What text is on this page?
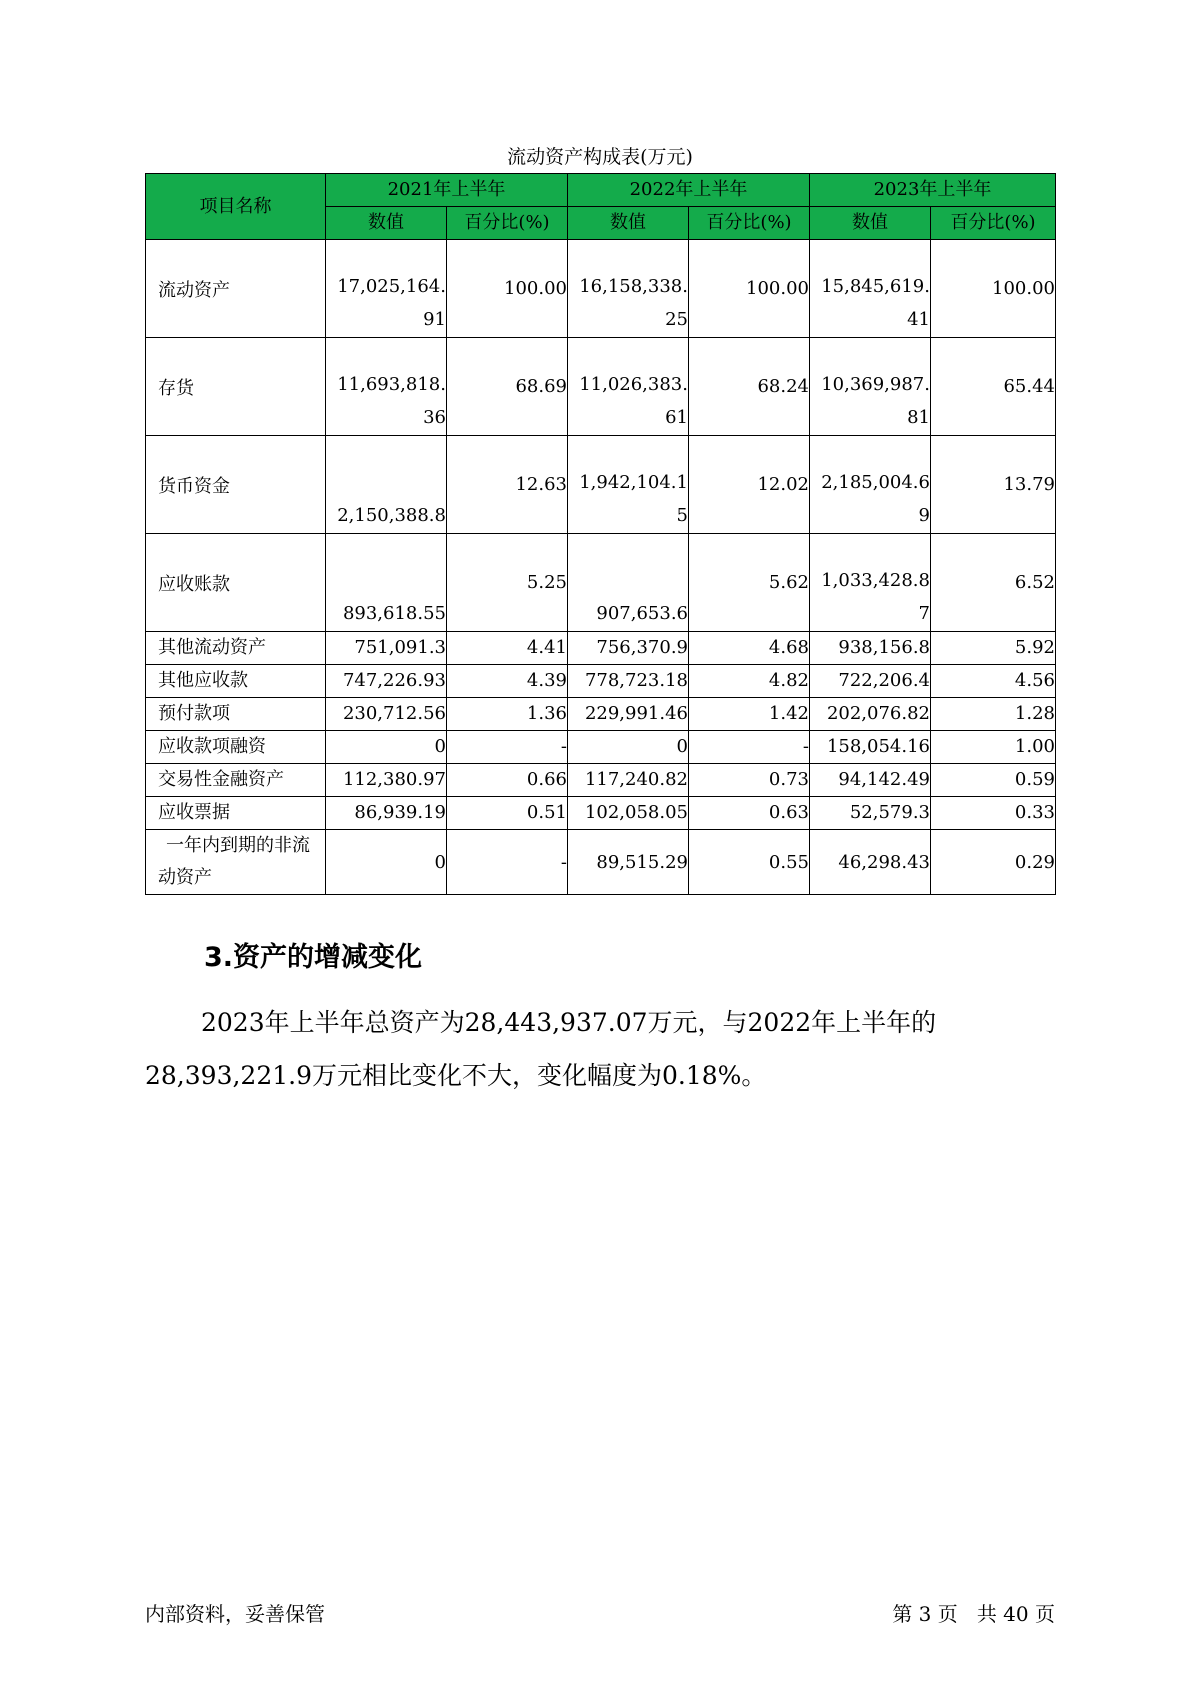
流动资产构成表(万元)
项目名称	2021年上半年		2022年上半年		2023年上半年	
	数值	百分比(%)	数值	百分比(%)	数值	百分比(%)
流动资产	17,025,164.91	100.00	16,158,338.25	100.00	15,845,619.41	100.00
存货	11,693,818.36	68.69	11,026,383.61	68.24	10,369,987.81	65.44
货币资金	2,150,388.8	12.63	1,942,104.15	12.02	2,185,004.69	13.79
应收账款	893,618.55	5.25	907,653.6	5.62	1,033,428.87	6.52
其他流动资产	751,091.3	4.41	756,370.9	4.68	938,156.8	5.92
其他应收款	747,226.93	4.39	778,723.18	4.82	722,206.4	4.56
预付款项	230,712.56	1.36	229,991.46	1.42	202,076.82	1.28
应收款项融资	0	-	0	-	158,054.16	1.00
交易性金融资产	112,380.97	0.66	117,240.82	0.73	94,142.49	0.59
应收票据	86,939.19	0.51	102,058.05	0.63	52,579.3	0.33
一年内到期的非流动资产	0	-	89,515.29	0.55	46,298.43	0.29
3.资产的增减变化
2023年上半年总资产为28,443,937.07万元，与2022年上半年的28,393,221.9万元相比变化不大，变化幅度为0.18%。
内部资料，妥善保管	第 3 页   共 40 页
